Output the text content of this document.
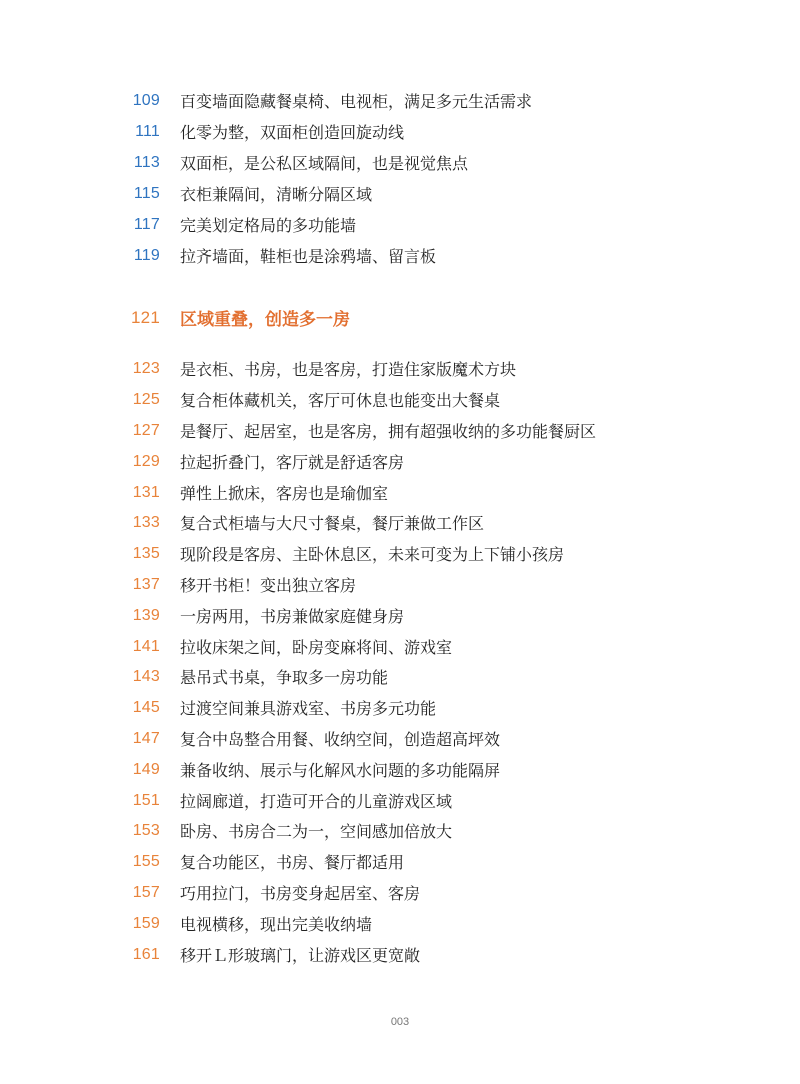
109 百变墙面隐藏餐桌椅、电视柜，满足多元生活需求
111 化零为整，双面柜创造回旋动线
113 双面柜，是公私区域隔间，也是视觉焦点
115 衣柜兼隔间，清晰分隔区域
117 完美划定格局的多功能墙
119 拉齐墙面，鞋柜也是涂鸦墙、留言板
121 区域重叠，创造多一房
123 是衣柜、书房，也是客房，打造住家版魔术方块
125 复合柜体藏机关，客厅可休息也能变出大餐桌
127 是餐厅、起居室，也是客房，拥有超强收纳的多功能餐厨区
129 拉起折叠门，客厅就是舒适客房
131 弹性上掀床，客房也是瑜伽室
133 复合式柜墙与大尺寸餐桌，餐厅兼做工作区
135 现阶段是客房、主卧休息区，未来可变为上下铺小孩房
137 移开书柜！变出独立客房
139 一房两用，书房兼做家庭健身房
141 拉收床架之间，卧房变麻将间、游戏室
143 悬吊式书桌，争取多一房功能
145 过渡空间兼具游戏室、书房多元功能
147 复合中岛整合用餐、收纳空间，创造超高坪效
149 兼备收纳、展示与化解风水问题的多功能隔屏
151 拉阔廊道，打造可开合的儿童游戏区域
153 卧房、书房合二为一，空间感加倍放大
155 复合功能区，书房、餐厅都适用
157 巧用拉门，书房变身起居室、客房
159 电视横移，现出完美收纳墙
161 移开Ｌ形玻璃门，让游戏区更宽敞
003
